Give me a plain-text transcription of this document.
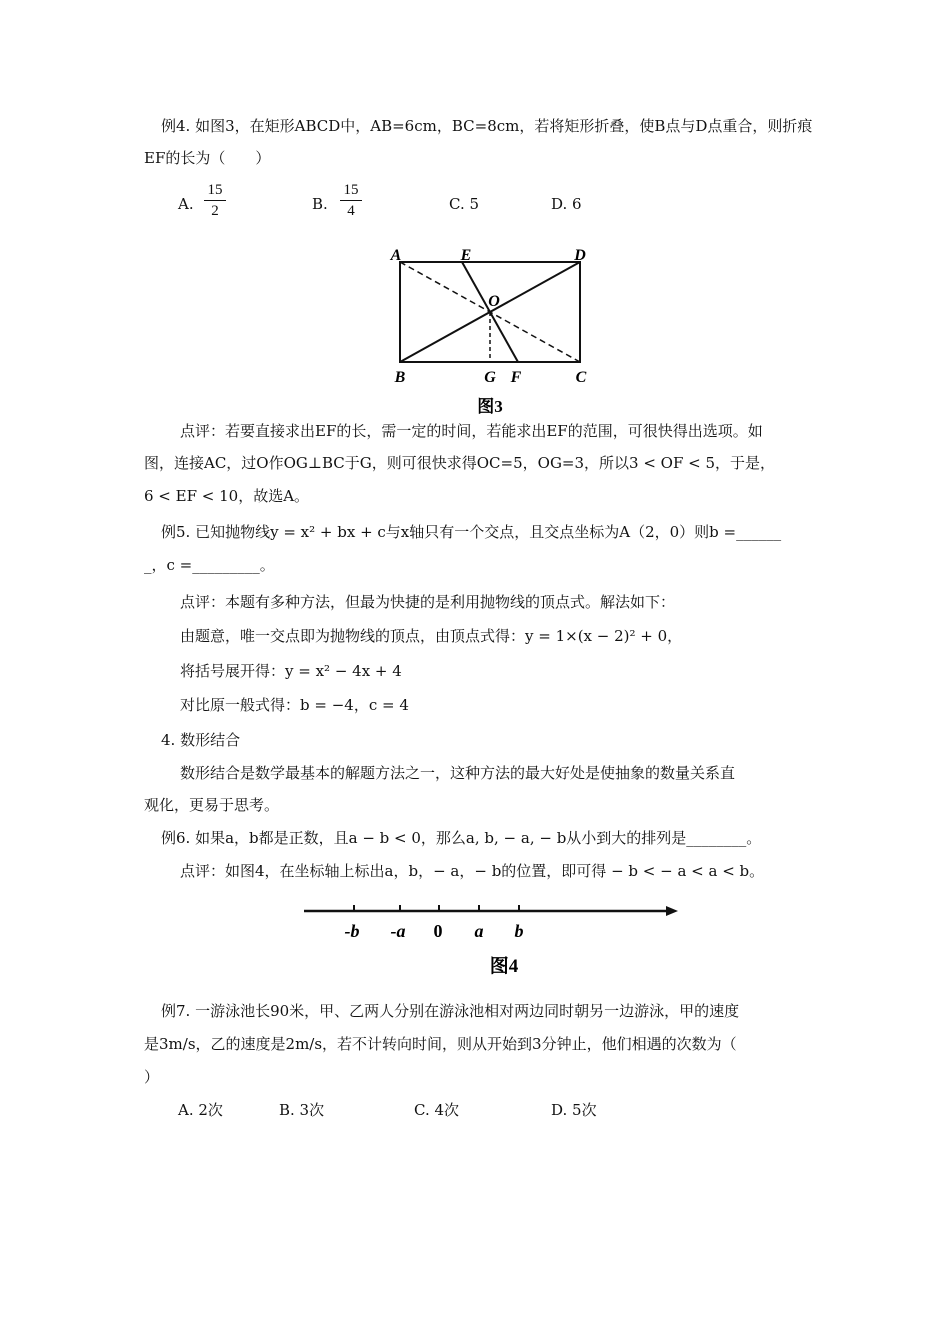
例4. 如图3，在矩形ABCD中，AB=6cm，BC=8cm，若将矩形折叠，使B点与D点重合，则折痕
EF的长为（　　）
A.
15
2	B.
15
4	C. 5	D. 6
A	E	D
O
B	G F	C
图3
点评：若要直接求出EF的长，需一定的时间，若能求出EF的范围，可很快得出选项。如
图，连接AC，过O作OG⊥BC于G，则可很快求得OC=5，OG=3，所以3 < OF < 5，于是，
6 < EF < 10，故选A。
例5. 已知抛物线y = x² + bx + c与x轴只有一个交点，且交点坐标为A（2，0）则b =______
_，c =_________。
点评：本题有多种方法，但最为快捷的是利用抛物线的顶点式。解法如下：
由题意，唯一交点即为抛物线的顶点，由顶点式得：y = 1×(x − 2)² + 0，
将括号展开得：y = x² − 4x + 4
对比原一般式得：b = −4，c = 4
4. 数形结合
数形结合是数学最基本的解题方法之一，这种方法的最大好处是使抽象的数量关系直
观化，更易于思考。
例6. 如果a，b都是正数，且a − b < 0，那么a, b, − a, − b从小到大的排列是________。
点评：如图4，在坐标轴上标出a，b，− a，− b的位置，即可得 − b < − a < a < b。
-b -a 0 a b
图4
例7. 一游泳池长90米，甲、乙两人分别在游泳池相对两边同时朝另一边游泳，甲的速度
是3m/s，乙的速度是2m/s，若不计转向时间，则从开始到3分钟止，他们相遇的次数为（
）
A. 2次	B. 3次	C. 4次	D. 5次
